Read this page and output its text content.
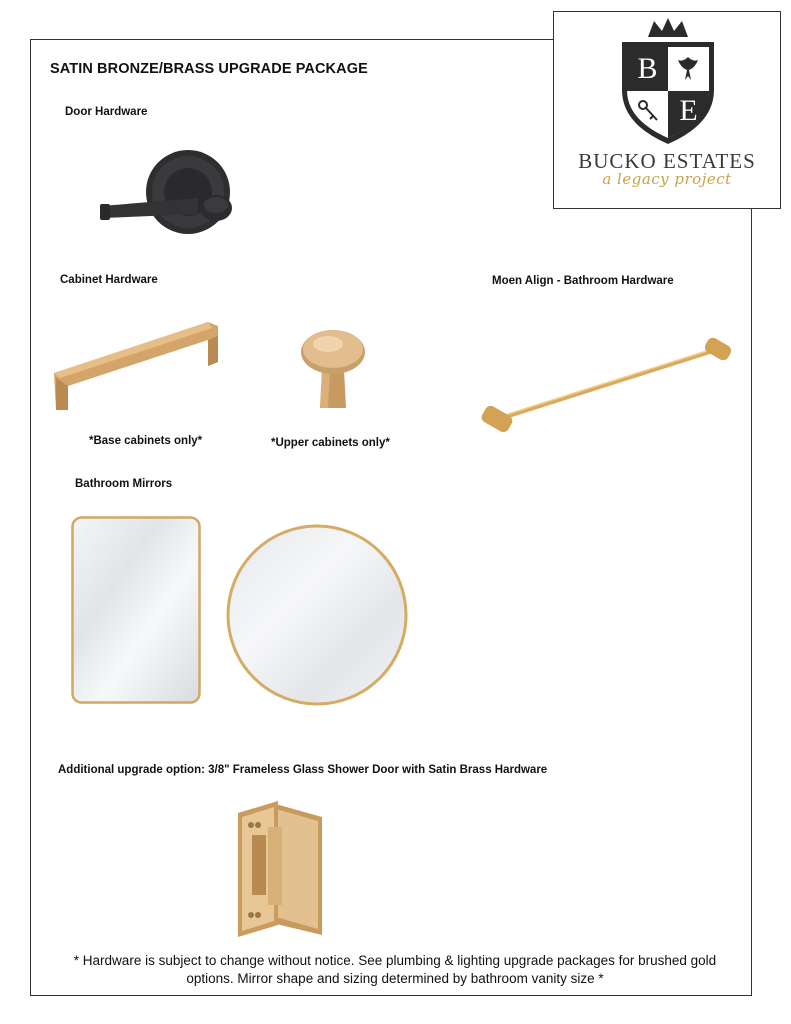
B
E
BUCKO ESTATES
a legacy project
SATIN BRONZE/BRASS UPGRADE PACKAGE
Door Hardware
Cabinet Hardware
*Base cabinets only*	*Upper cabinets only*
Moen Align - Bathroom Hardware
Bathroom Mirrors
Additional upgrade option: 3/8" Frameless Glass Shower Door with Satin Brass Hardware
* Hardware is subject to change without notice. See plumbing & lighting upgrade packages for brushed gold
options. Mirror shape and sizing determined by bathroom vanity size *
